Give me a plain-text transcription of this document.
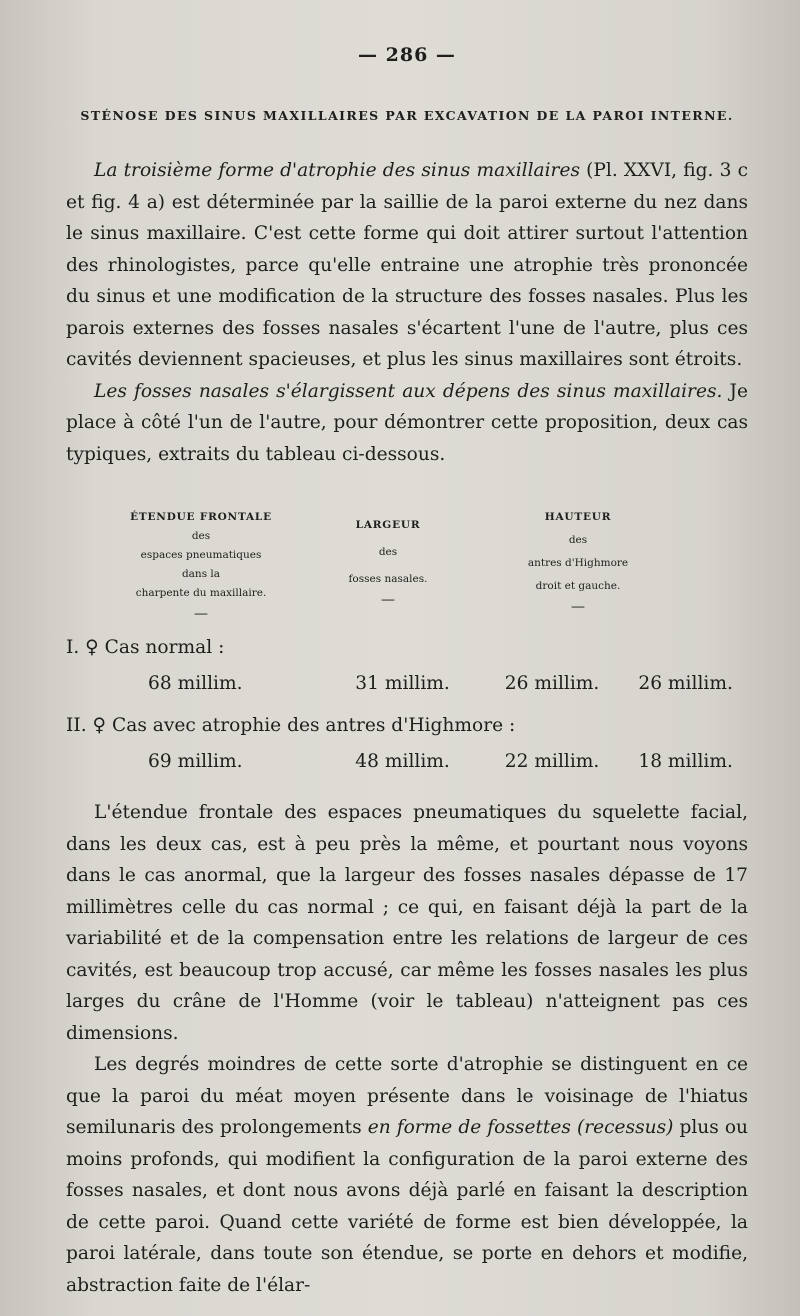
— 286 —
STÉNOSE DES SINUS MAXILLAIRES PAR EXCAVATION DE LA PAROI INTERNE.

La troisième forme d'atrophie des sinus maxillaires (Pl. XXVI, fig. 3 c et fig. 4 a) est déterminée par la saillie de la paroi externe du nez dans le sinus maxillaire. C'est cette forme qui doit attirer surtout l'attention des rhinologistes, parce qu'elle entraine une atrophie très prononcée du sinus et une modification de la structure des fosses nasales. Plus les parois externes des fosses nasales s'écartent l'une de l'autre, plus ces cavités deviennent spacieuses, et plus les sinus maxillaires sont étroits.

Les fosses nasales s'élargissent aux dépens des sinus maxillaires. Je place à côté l'un de l'autre, pour démontrer cette proposition, deux cas typiques, extraits du tableau ci-dessous.

ÉTENDUE FRONTALE
des
espaces pneumatiques
dans la
charpente du maxillaire.
—
LARGEUR
des
fosses nasales.
—
HAUTEUR
des
antres d'Highmore
droit et gauche.
—
I. ♀ Cas normal :
68 millim.	31 millim.	26 millim.	26 millim.
II. ♀ Cas avec atrophie des antres d'Highmore :
69 millim.	48 millim.	22 millim.	18 millim.

L'étendue frontale des espaces pneumatiques du squelette facial, dans les deux cas, est à peu près la même, et pourtant nous voyons dans le cas anormal, que la largeur des fosses nasales dépasse de 17 millimètres celle du cas normal ; ce qui, en faisant déjà la part de la variabilité et de la compensation entre les relations de largeur de ces cavités, est beaucoup trop accusé, car même les fosses nasales les plus larges du crâne de l'Homme (voir le tableau) n'atteignent pas ces dimensions.

Les degrés moindres de cette sorte d'atrophie se distinguent en ce que la paroi du méat moyen présente dans le voisinage de l'hiatus semilunaris des prolongements en forme de fossettes (recessus) plus ou moins profonds, qui modifient la configuration de la paroi externe des fosses nasales, et dont nous avons déjà parlé en faisant la description de cette paroi. Quand cette variété de forme est bien développée, la paroi latérale, dans toute son étendue, se porte en dehors et modifie, abstraction faite de l'élar-
